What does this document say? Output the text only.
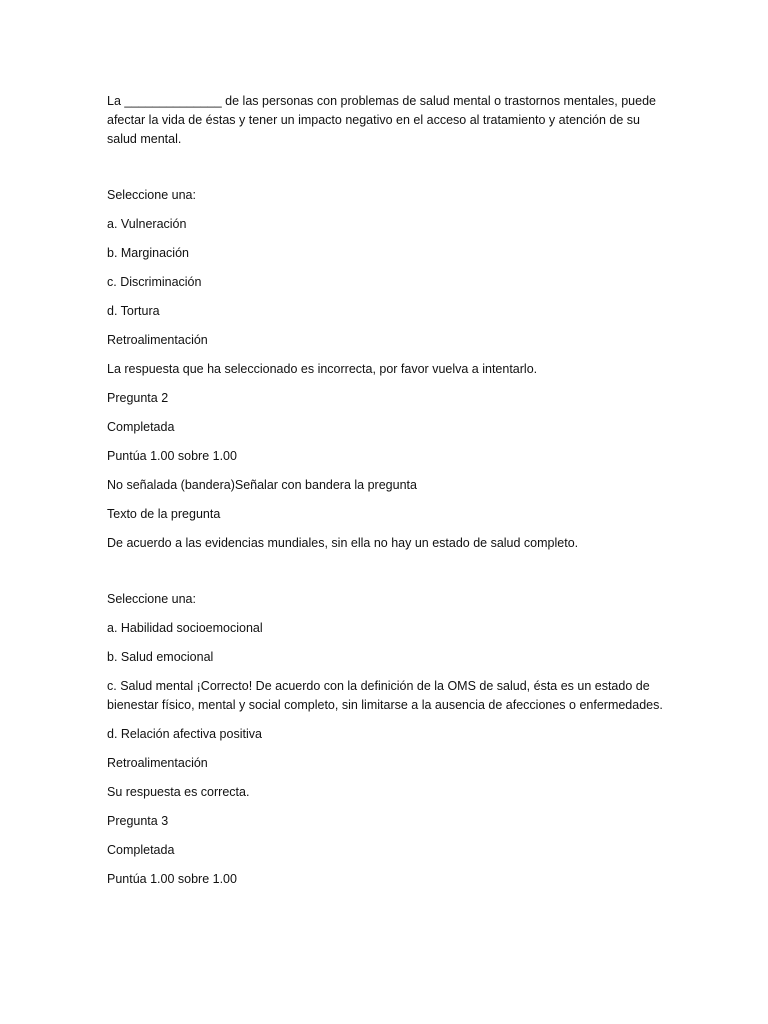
La ______________ de las personas con problemas de salud mental o trastornos mentales, puede afectar la vida de éstas y tener un impacto negativo en el acceso al tratamiento y atención de su salud mental.

Seleccione una:

a. Vulneración

b. Marginación

c. Discriminación

d. Tortura

Retroalimentación

La respuesta que ha seleccionado es incorrecta, por favor vuelva a intentarlo.

Pregunta 2

Completada

Puntúa 1.00 sobre 1.00

No señalada (bandera)Señalar con bandera la pregunta

Texto de la pregunta

De acuerdo a las evidencias mundiales, sin ella no hay un estado de salud completo.

Seleccione una:

a. Habilidad socioemocional

b. Salud emocional

c. Salud mental ¡Correcto! De acuerdo con la definición de la OMS de salud, ésta es un estado de bienestar físico, mental y social completo, sin limitarse a la ausencia de afecciones o enfermedades.

d. Relación afectiva positiva

Retroalimentación

Su respuesta es correcta.

Pregunta 3

Completada

Puntúa 1.00 sobre 1.00
